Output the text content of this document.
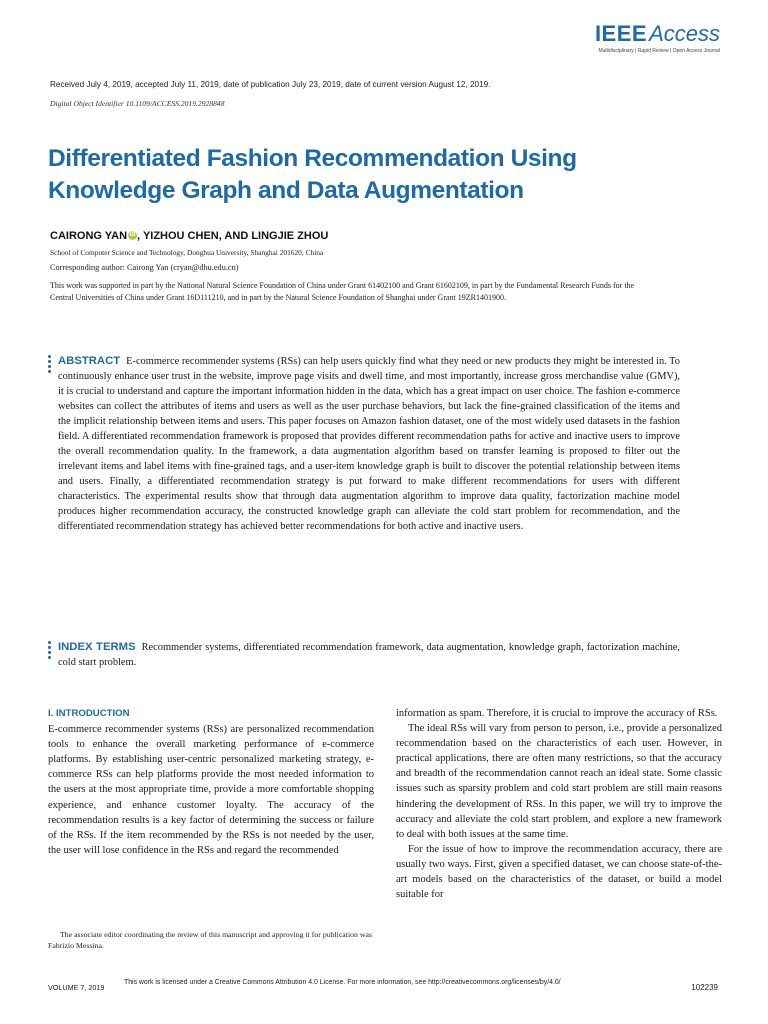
IEEEAccess
Multidisciplinary | Rapid Review | Open Access Journal
Received July 4, 2019, accepted July 11, 2019, date of publication July 23, 2019, date of current version August 12, 2019.
Digital Object Identifier 10.1109/ACCESS.2019.2928848
Differentiated Fashion Recommendation Using
Knowledge Graph and Data Augmentation
CAIRONG YAN iD , YIZHOU CHEN, AND LINGJIE ZHOU
School of Computer Science and Technology, Donghua University, Shanghai 201620, China
Corresponding author: Cairong Yan (cryan@dhu.edu.cn)
This work was supported in part by the National Natural Science Foundation of China under Grant 61402100 and Grant 61602109, in part by the Fundamental Research Funds for the Central Universities of China under Grant 16D111210, and in part by the Natural Science Foundation of Shanghai under Grant 19ZR1401900.
ABSTRACT E-commerce recommender systems (RSs) can help users quickly find what they need or new products they might be interested in. To continuously enhance user trust in the website, improve page visits and dwell time, and most importantly, increase gross merchandise value (GMV), it is crucial to understand and capture the important information hidden in the data, which has a great impact on user choice. The fashion e-commerce websites can collect the attributes of items and users as well as the user purchase behaviors, but lack the fine-grained classification of the items and the implicit relationship between items and users. This paper focuses on Amazon fashion dataset, one of the most widely used datasets in the fashion field. A differentiated recommendation framework is proposed that provides different recommendation paths for active and inactive users to improve the overall recommendation quality. In the framework, a data augmentation algorithm based on transfer learning is proposed to filter out the irrelevant items and label items with fine-grained tags, and a user-item knowledge graph is built to discover the potential relationship between items and users. Finally, a differentiated recommendation strategy is put forward to make different recommendations for users with different characteristics. The experimental results show that through data augmentation algorithm to improve data quality, factorization machine model produces higher recommendation accuracy, the constructed knowledge graph can alleviate the cold start problem for recommendation, and the differentiated recommendation strategy has achieved better recommendations for both active and inactive users.
INDEX TERMS Recommender systems, differentiated recommendation framework, data augmentation, knowledge graph, factorization machine, cold start problem.
I. INTRODUCTION

E-commerce recommender systems (RSs) are personalized recommendation tools to enhance the overall marketing performance of e-commerce platforms. By establishing user-centric personalized marketing strategy, e-commerce RSs can help platforms provide the most needed information to the users at the most appropriate time, provide a more comfortable shopping experience, and enhance customer loyalty. The accuracy of the recommendation results is a key factor of determining the success or failure of the RSs. If the item recommended by the RSs is not needed by the user, the user will lose confidence in the RSs and regard the recommended

information as spam. Therefore, it is crucial to improve the accuracy of RSs.

The ideal RSs will vary from person to person, i.e., provide a personalized recommendation based on the characteristics of each user. However, in practical applications, there are often many restrictions, so that the accuracy and breadth of the recommendation cannot reach an ideal state. Some classic issues such as sparsity problem and cold start problem are still main reasons hindering the development of RSs. In this paper, we will try to improve the accuracy and alleviate the cold start problem, and explore a new framework to deal with both issues at the same time.

For the issue of how to improve the recommendation accuracy, there are usually two ways. First, given a specified dataset, we can choose state-of-the-art models based on the characteristics of the dataset, or build a model suitable for

The associate editor coordinating the review of this manuscript and approving it for publication was Fabrizio Messina.
VOLUME 7, 2019
This work is licensed under a Creative Commons Attribution 4.0 License. For more information, see http://creativecommons.org/licenses/by/4.0/
102239
